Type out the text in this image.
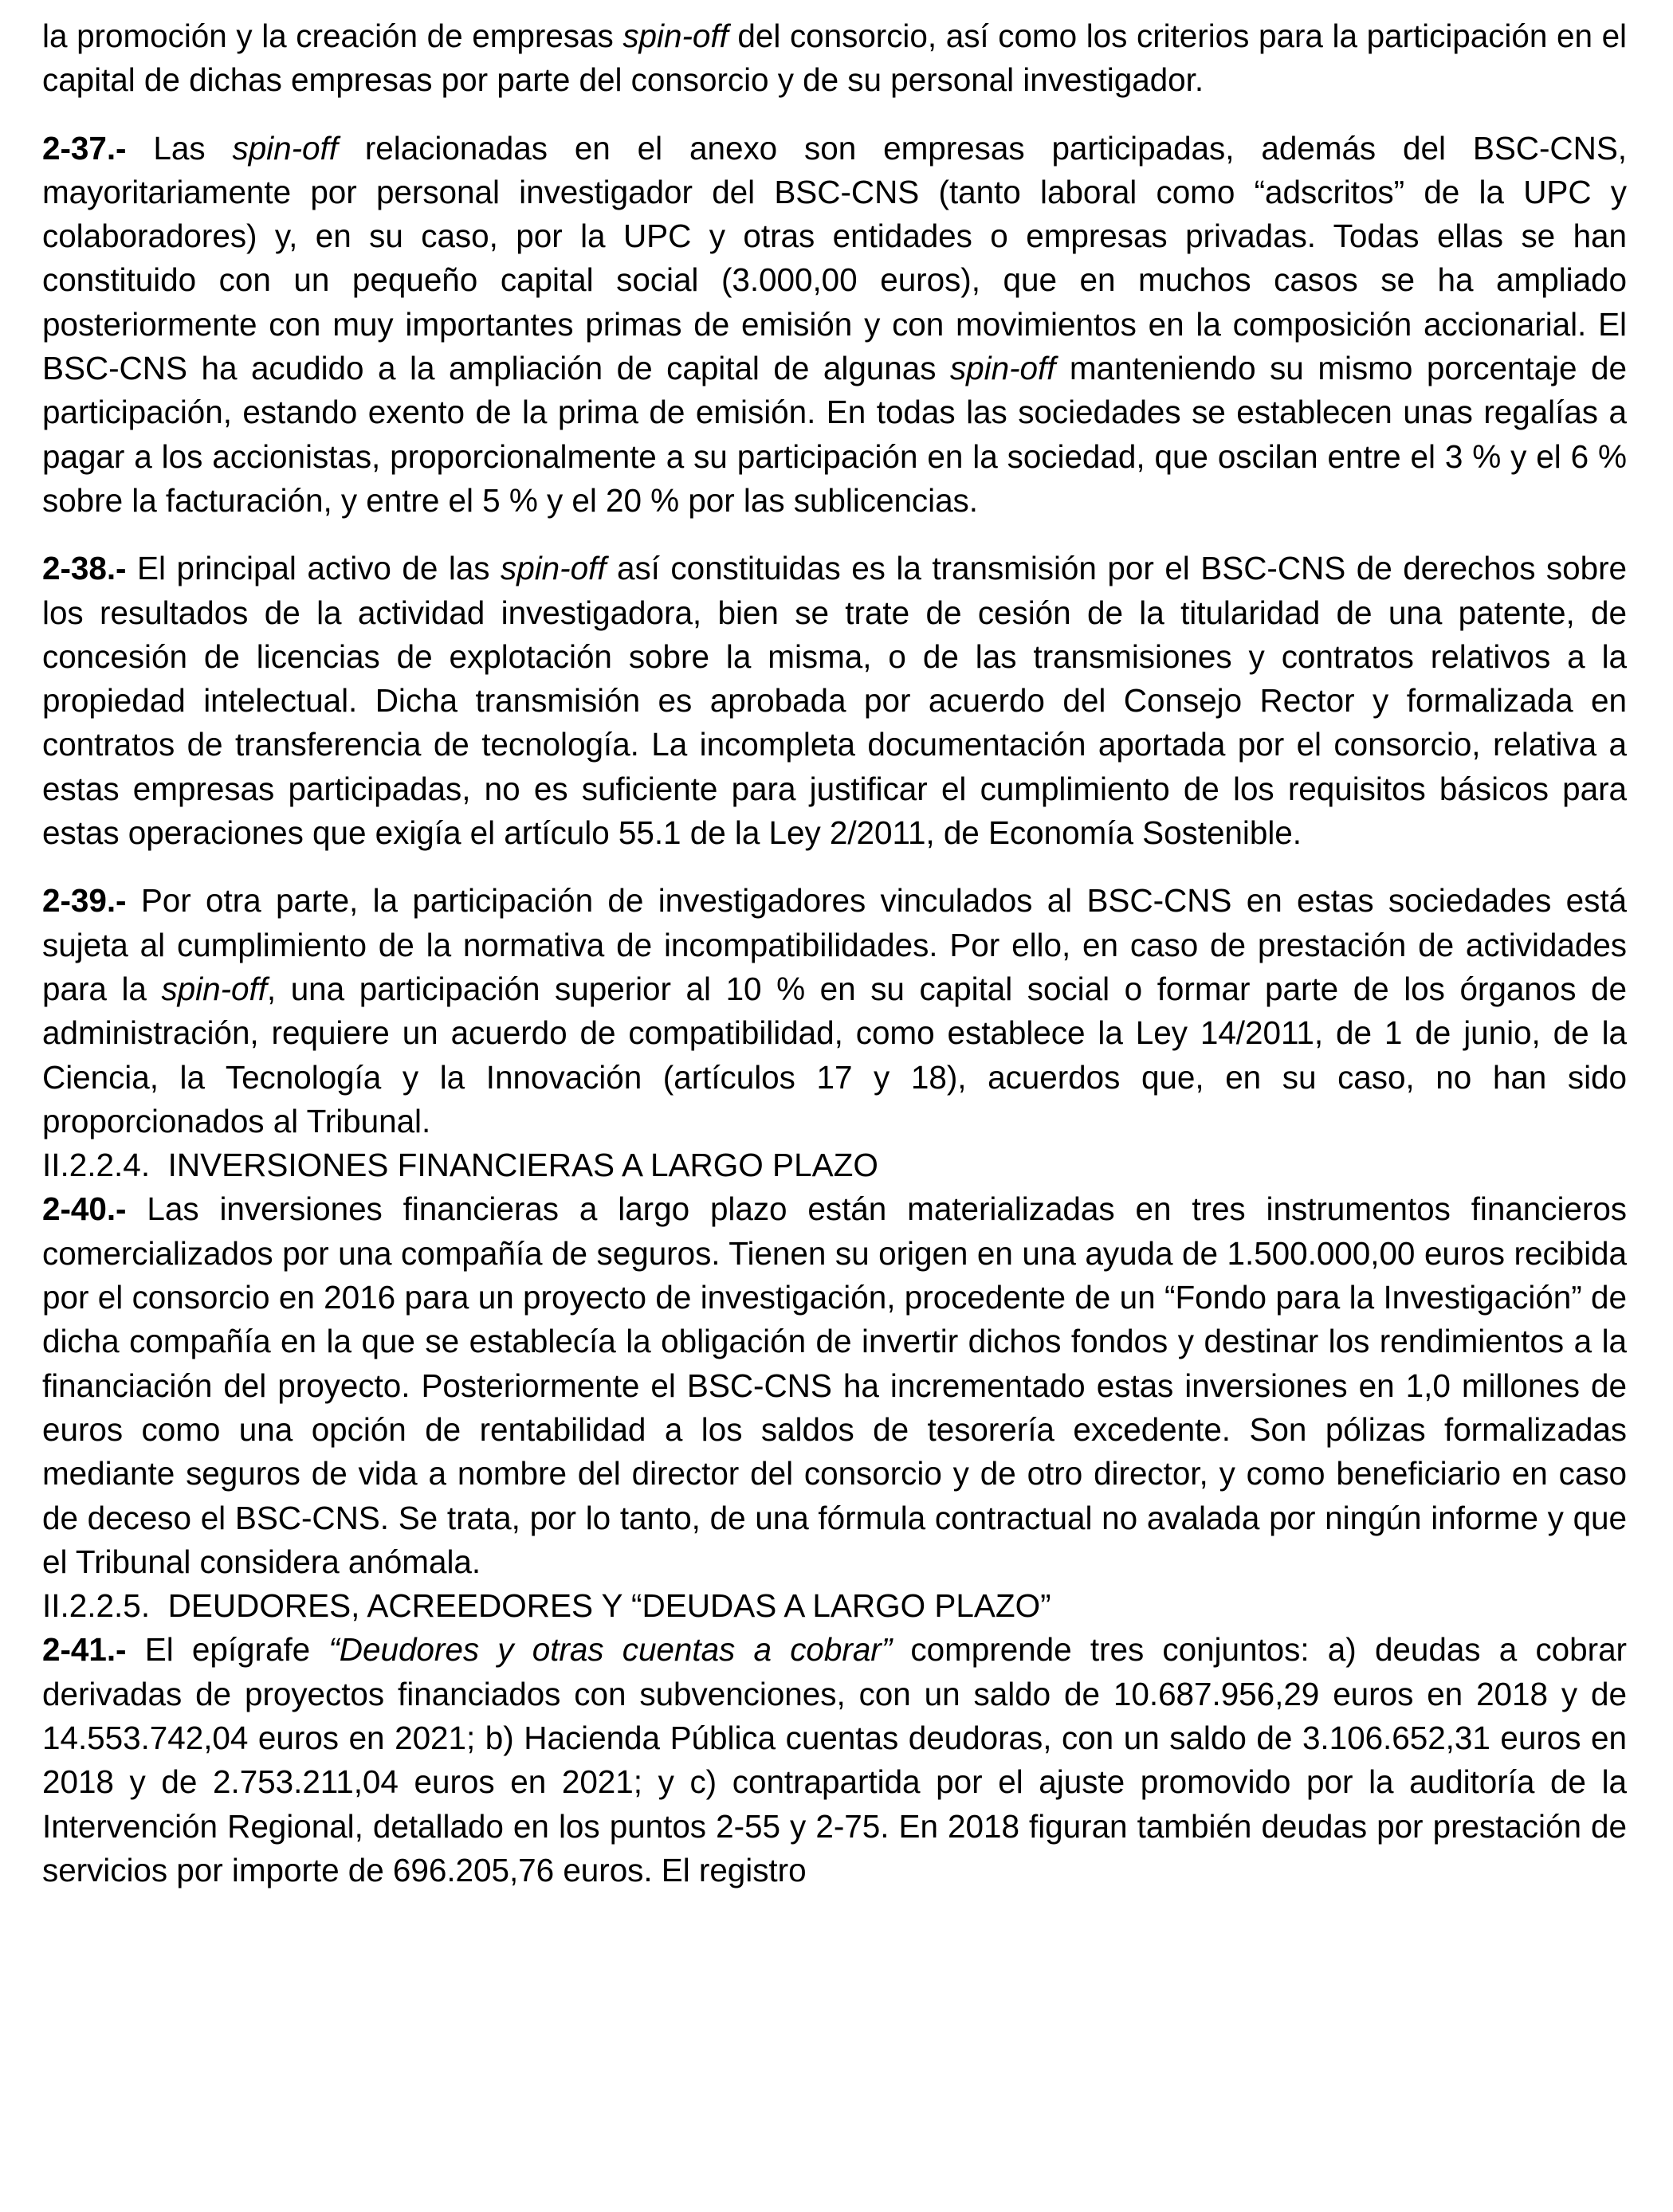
la promoción y la creación de empresas spin-off del consorcio, así como los criterios para la participación en el capital de dichas empresas por parte del consorcio y de su personal investigador.

2-37.- Las spin-off relacionadas en el anexo son empresas participadas, además del BSC-CNS, mayoritariamente por personal investigador del BSC-CNS (tanto laboral como “adscritos” de la UPC y colaboradores) y, en su caso, por la UPC y otras entidades o empresas privadas. Todas ellas se han constituido con un pequeño capital social (3.000,00 euros), que en muchos casos se ha ampliado posteriormente con muy importantes primas de emisión y con movimientos en la composición accionarial. El BSC-CNS ha acudido a la ampliación de capital de algunas spin-off manteniendo su mismo porcentaje de participación, estando exento de la prima de emisión. En todas las sociedades se establecen unas regalías a pagar a los accionistas, proporcionalmente a su participación en la sociedad, que oscilan entre el 3 % y el 6 % sobre la facturación, y entre el 5 % y el 20 % por las sublicencias.

2-38.- El principal activo de las spin-off así constituidas es la transmisión por el BSC-CNS de derechos sobre los resultados de la actividad investigadora, bien se trate de cesión de la titularidad de una patente, de concesión de licencias de explotación sobre la misma, o de las transmisiones y contratos relativos a la propiedad intelectual. Dicha transmisión es aprobada por acuerdo del Consejo Rector y formalizada en contratos de transferencia de tecnología. La incompleta documentación aportada por el consorcio, relativa a estas empresas participadas, no es suficiente para justificar el cumplimiento de los requisitos básicos para estas operaciones que exigía el artículo 55.1 de la Ley 2/2011, de Economía Sostenible.

2-39.- Por otra parte, la participación de investigadores vinculados al BSC-CNS en estas sociedades está sujeta al cumplimiento de la normativa de incompatibilidades. Por ello, en caso de prestación de actividades para la spin-off, una participación superior al 10 % en su capital social o formar parte de los órganos de administración, requiere un acuerdo de compatibilidad, como establece la Ley 14/2011, de 1 de junio, de la Ciencia, la Tecnología y la Innovación (artículos 17 y 18), acuerdos que, en su caso, no han sido proporcionados al Tribunal.

II.2.2.4. INVERSIONES FINANCIERAS A LARGO PLAZO

2-40.- Las inversiones financieras a largo plazo están materializadas en tres instrumentos financieros comercializados por una compañía de seguros. Tienen su origen en una ayuda de 1.500.000,00 euros recibida por el consorcio en 2016 para un proyecto de investigación, procedente de un “Fondo para la Investigación” de dicha compañía en la que se establecía la obligación de invertir dichos fondos y destinar los rendimientos a la financiación del proyecto. Posteriormente el BSC-CNS ha incrementado estas inversiones en 1,0 millones de euros como una opción de rentabilidad a los saldos de tesorería excedente. Son pólizas formalizadas mediante seguros de vida a nombre del director del consorcio y de otro director, y como beneficiario en caso de deceso el BSC-CNS. Se trata, por lo tanto, de una fórmula contractual no avalada por ningún informe y que el Tribunal considera anómala.

II.2.2.5. DEUDORES, ACREEDORES Y “DEUDAS A LARGO PLAZO”

2-41.- El epígrafe “Deudores y otras cuentas a cobrar” comprende tres conjuntos: a) deudas a cobrar derivadas de proyectos financiados con subvenciones, con un saldo de 10.687.956,29 euros en 2018 y de 14.553.742,04 euros en 2021; b) Hacienda Pública cuentas deudoras, con un saldo de 3.106.652,31 euros en 2018 y de 2.753.211,04 euros en 2021; y c) contrapartida por el ajuste promovido por la auditoría de la Intervención Regional, detallado en los puntos 2-55 y 2-75. En 2018 figuran también deudas por prestación de servicios por importe de 696.205,76 euros. El registro
